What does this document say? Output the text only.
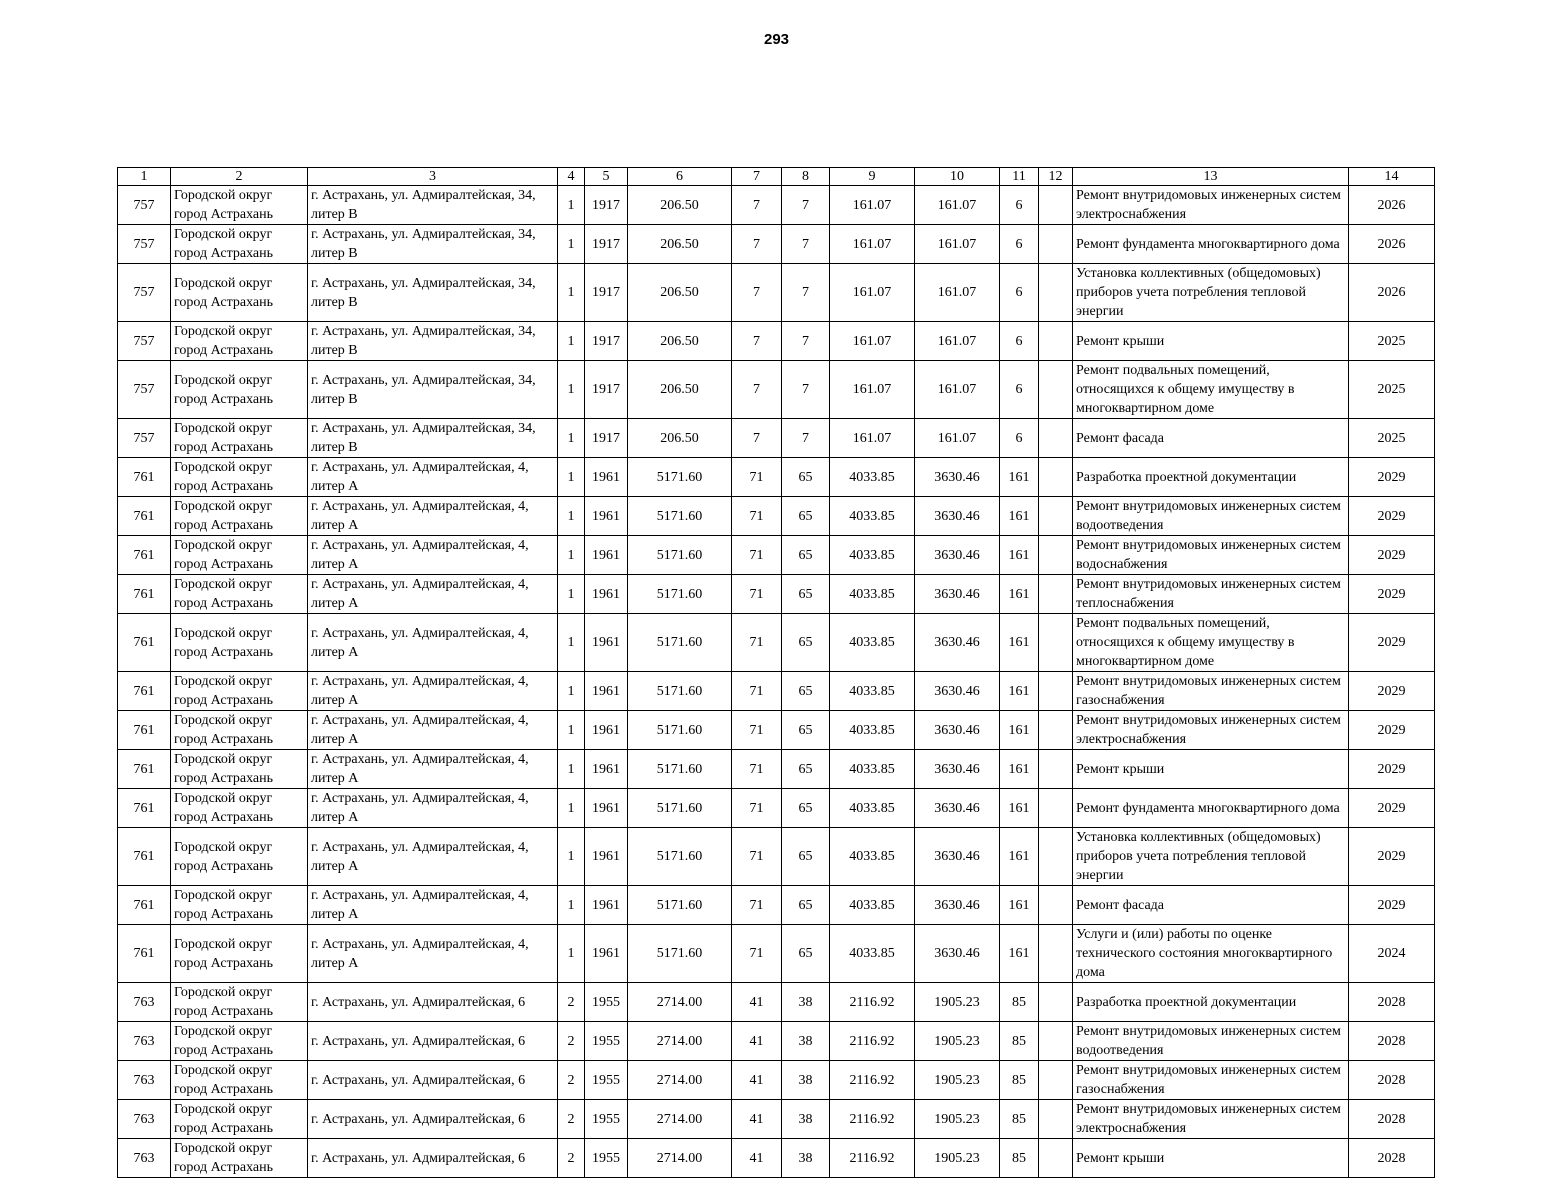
293
1	2	3	4	5	6	7	8	9	10	11	12	13	14
757	Городской округ город Астрахань	г. Астрахань, ул. Адмиралтейская, 34, литер В	1	1917	206.50	7	7	161.07	161.07	6		Ремонт внутридомовых инженерных систем электроснабжения	2026
757	Городской округ город Астрахань	г. Астрахань, ул. Адмиралтейская, 34, литер В	1	1917	206.50	7	7	161.07	161.07	6		Ремонт фундамента многоквартирного дома	2026
757	Городской округ город Астрахань	г. Астрахань, ул. Адмиралтейская, 34, литер В	1	1917	206.50	7	7	161.07	161.07	6		Установка коллективных (общедомовых) приборов учета потребления тепловой энергии	2026
757	Городской округ город Астрахань	г. Астрахань, ул. Адмиралтейская, 34, литер В	1	1917	206.50	7	7	161.07	161.07	6		Ремонт крыши	2025
757	Городской округ город Астрахань	г. Астрахань, ул. Адмиралтейская, 34, литер В	1	1917	206.50	7	7	161.07	161.07	6		Ремонт подвальных помещений, относящихся к общему имуществу в многоквартирном доме	2025
757	Городской округ город Астрахань	г. Астрахань, ул. Адмиралтейская, 34, литер В	1	1917	206.50	7	7	161.07	161.07	6		Ремонт фасада	2025
761	Городской округ город Астрахань	г. Астрахань, ул. Адмиралтейская, 4, литер А	1	1961	5171.60	71	65	4033.85	3630.46	161		Разработка проектной документации	2029
761	Городской округ город Астрахань	г. Астрахань, ул. Адмиралтейская, 4, литер А	1	1961	5171.60	71	65	4033.85	3630.46	161		Ремонт внутридомовых инженерных систем водоотведения	2029
761	Городской округ город Астрахань	г. Астрахань, ул. Адмиралтейская, 4, литер А	1	1961	5171.60	71	65	4033.85	3630.46	161		Ремонт внутридомовых инженерных систем водоснабжения	2029
761	Городской округ город Астрахань	г. Астрахань, ул. Адмиралтейская, 4, литер А	1	1961	5171.60	71	65	4033.85	3630.46	161		Ремонт внутридомовых инженерных систем теплоснабжения	2029
761	Городской округ город Астрахань	г. Астрахань, ул. Адмиралтейская, 4, литер А	1	1961	5171.60	71	65	4033.85	3630.46	161		Ремонт подвальных помещений, относящихся к общему имуществу в многоквартирном доме	2029
761	Городской округ город Астрахань	г. Астрахань, ул. Адмиралтейская, 4, литер А	1	1961	5171.60	71	65	4033.85	3630.46	161		Ремонт внутридомовых инженерных систем газоснабжения	2029
761	Городской округ город Астрахань	г. Астрахань, ул. Адмиралтейская, 4, литер А	1	1961	5171.60	71	65	4033.85	3630.46	161		Ремонт внутридомовых инженерных систем электроснабжения	2029
761	Городской округ город Астрахань	г. Астрахань, ул. Адмиралтейская, 4, литер А	1	1961	5171.60	71	65	4033.85	3630.46	161		Ремонт крыши	2029
761	Городской округ город Астрахань	г. Астрахань, ул. Адмиралтейская, 4, литер А	1	1961	5171.60	71	65	4033.85	3630.46	161		Ремонт фундамента многоквартирного дома	2029
761	Городской округ город Астрахань	г. Астрахань, ул. Адмиралтейская, 4, литер А	1	1961	5171.60	71	65	4033.85	3630.46	161		Установка коллективных (общедомовых) приборов учета потребления тепловой энергии	2029
761	Городской округ город Астрахань	г. Астрахань, ул. Адмиралтейская, 4, литер А	1	1961	5171.60	71	65	4033.85	3630.46	161		Ремонт фасада	2029
761	Городской округ город Астрахань	г. Астрахань, ул. Адмиралтейская, 4, литер А	1	1961	5171.60	71	65	4033.85	3630.46	161		Услуги и (или) работы по оценке технического состояния многоквартирного дома	2024
763	Городской округ город Астрахань	г. Астрахань, ул. Адмиралтейская, 6	2	1955	2714.00	41	38	2116.92	1905.23	85		Разработка проектной документации	2028
763	Городской округ город Астрахань	г. Астрахань, ул. Адмиралтейская, 6	2	1955	2714.00	41	38	2116.92	1905.23	85		Ремонт внутридомовых инженерных систем водоотведения	2028
763	Городской округ город Астрахань	г. Астрахань, ул. Адмиралтейская, 6	2	1955	2714.00	41	38	2116.92	1905.23	85		Ремонт внутридомовых инженерных систем газоснабжения	2028
763	Городской округ город Астрахань	г. Астрахань, ул. Адмиралтейская, 6	2	1955	2714.00	41	38	2116.92	1905.23	85		Ремонт внутридомовых инженерных систем электроснабжения	2028
763	Городской округ город Астрахань	г. Астрахань, ул. Адмиралтейская, 6	2	1955	2714.00	41	38	2116.92	1905.23	85		Ремонт крыши	2028
